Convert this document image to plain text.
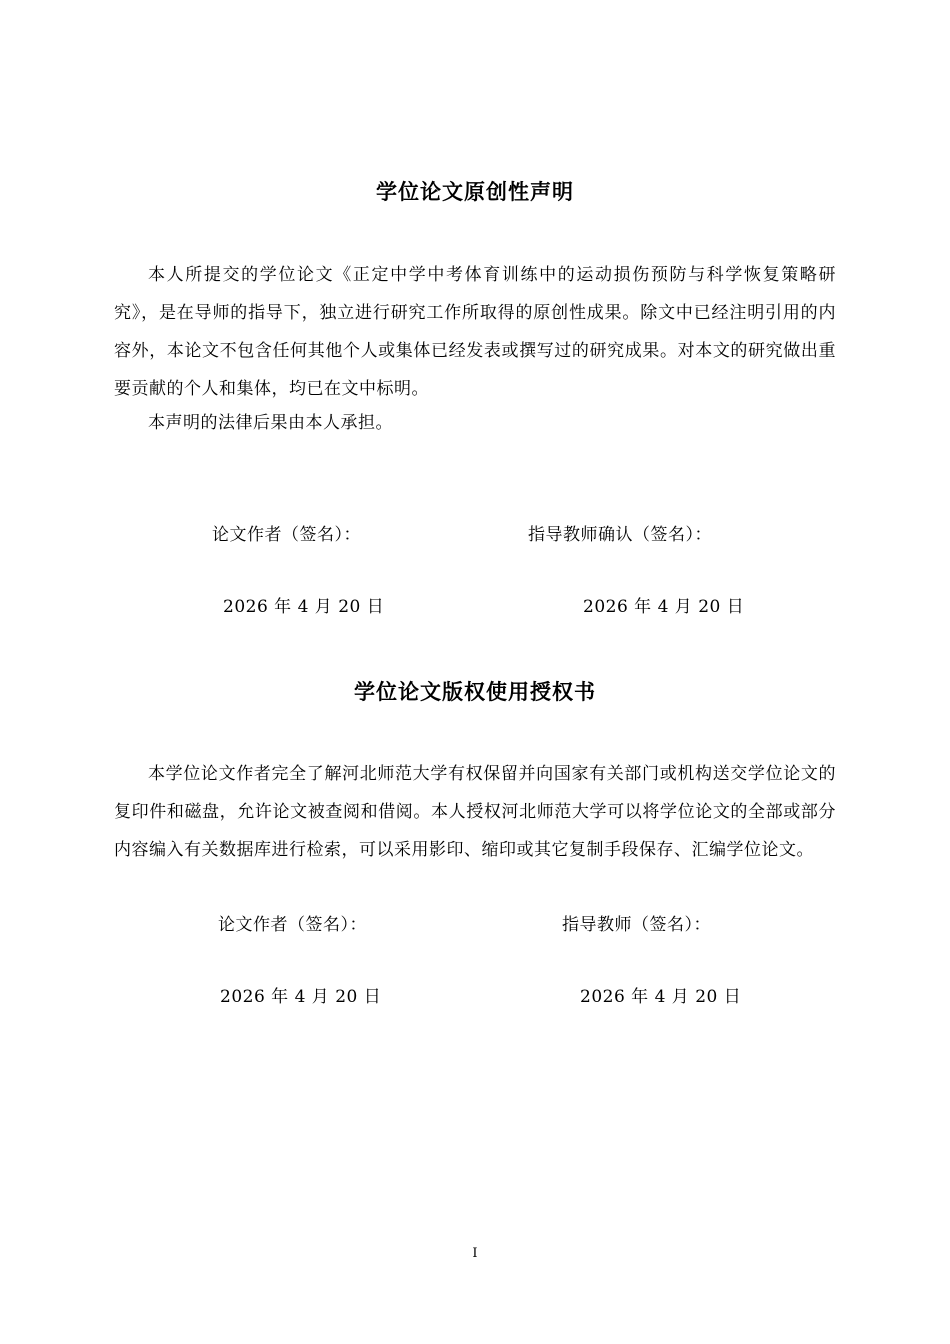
学位论文原创性声明

本人所提交的学位论文《正定中学中考体育训练中的运动损伤预防与科学恢复策略研究》，是在导师的指导下，独立进行研究工作所取得的原创性成果。除文中已经注明引用的内容外，本论文不包含任何其他个人或集体已经发表或撰写过的研究成果。对本文的研究做出重要贡献的个人和集体，均已在文中标明。

本声明的法律后果由本人承担。

论文作者（签名）：	指导教师确认（签名）：
2026 年 4 月 20 日	2026 年 4 月 20 日
学位论文版权使用授权书

本学位论文作者完全了解河北师范大学有权保留并向国家有关部门或机构送交学位论文的复印件和磁盘，允许论文被查阅和借阅。本人授权河北师范大学可以将学位论文的全部或部分内容编入有关数据库进行检索，可以采用影印、缩印或其它复制手段保存、汇编学位论文。

论文作者（签名）：	指导教师（签名）：
2026 年 4 月 20 日	2026 年 4 月 20 日
I
